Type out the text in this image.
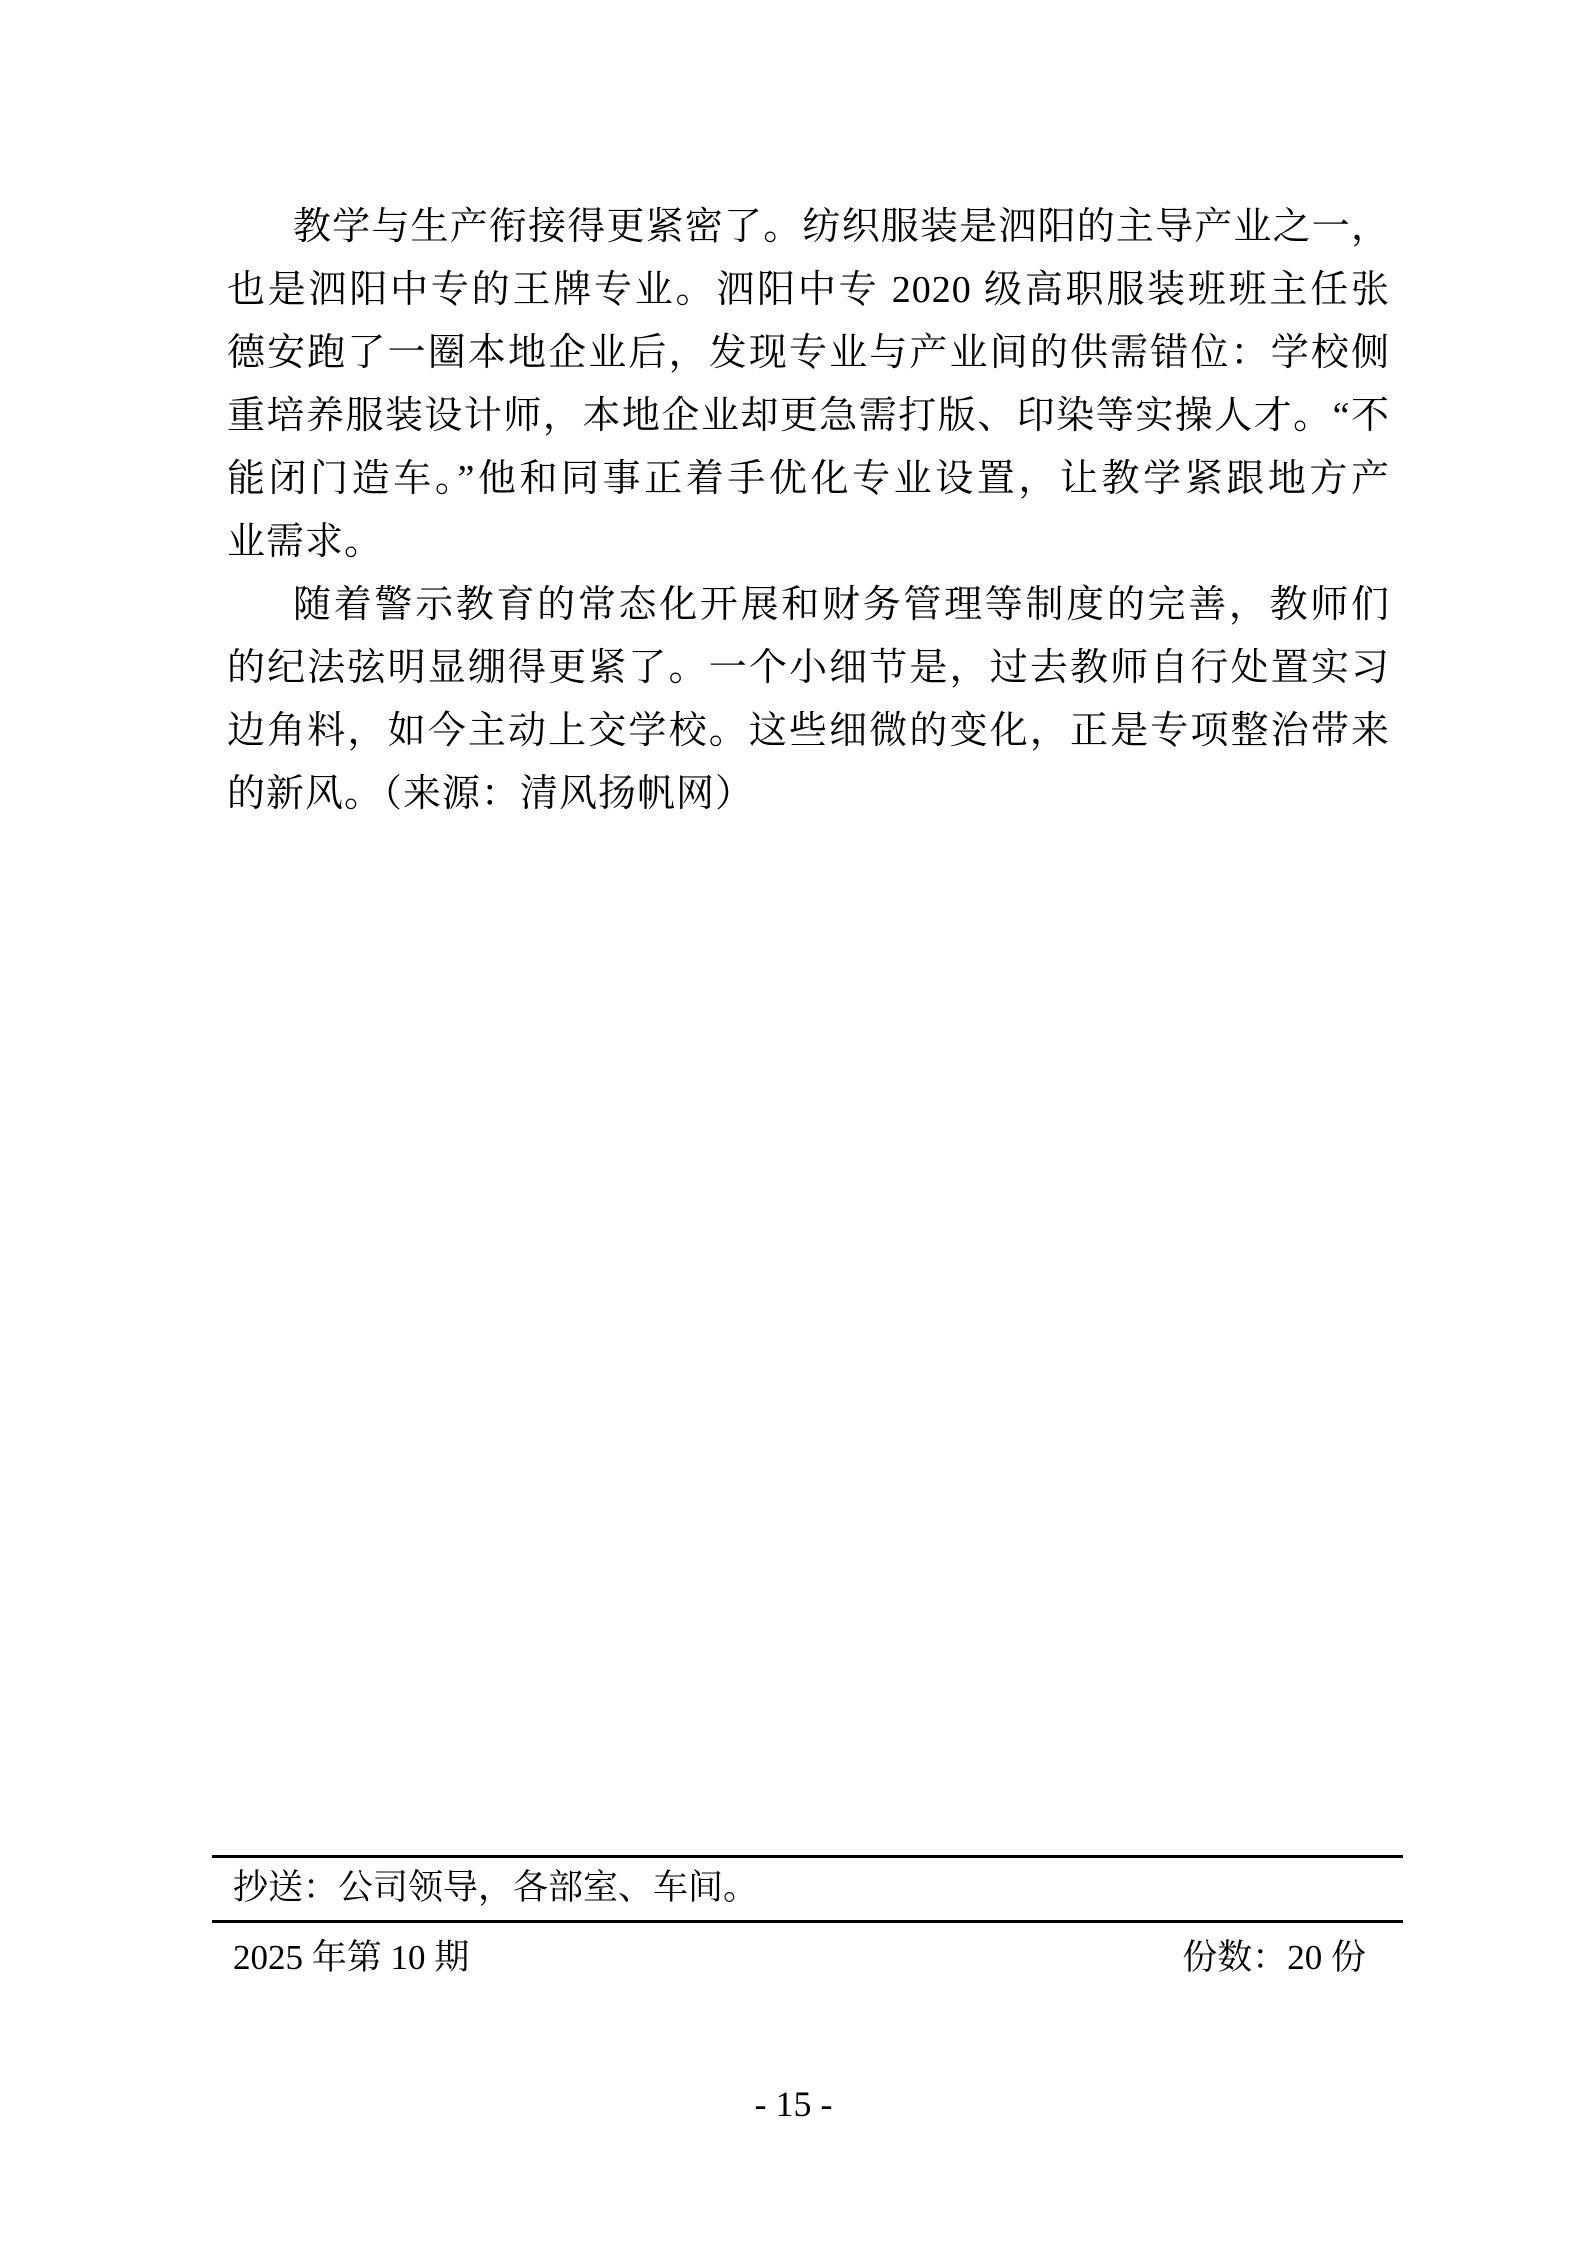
教学与生产衔接得更紧密了。纺织服装是泗阳的主导产业之一，
也是泗阳中专的王牌专业。泗阳中专 2020 级高职服装班班主任张
德安跑了一圈本地企业后，发现专业与产业间的供需错位：学校侧
重培养服装设计师，本地企业却更急需打版、印染等实操人才。“不
能闭门造车。”他和同事正着手优化专业设置，让教学紧跟地方产
业需求。
随着警示教育的常态化开展和财务管理等制度的完善，教师们
的纪法弦明显绷得更紧了。一个小细节是，过去教师自行处置实习
边角料，如今主动上交学校。这些细微的变化，正是专项整治带来
的新风。（来源：清风扬帆网）
抄送：公司领导，各部室、车间。
2025 年第 10 期	份数：20 份
- 15 -
